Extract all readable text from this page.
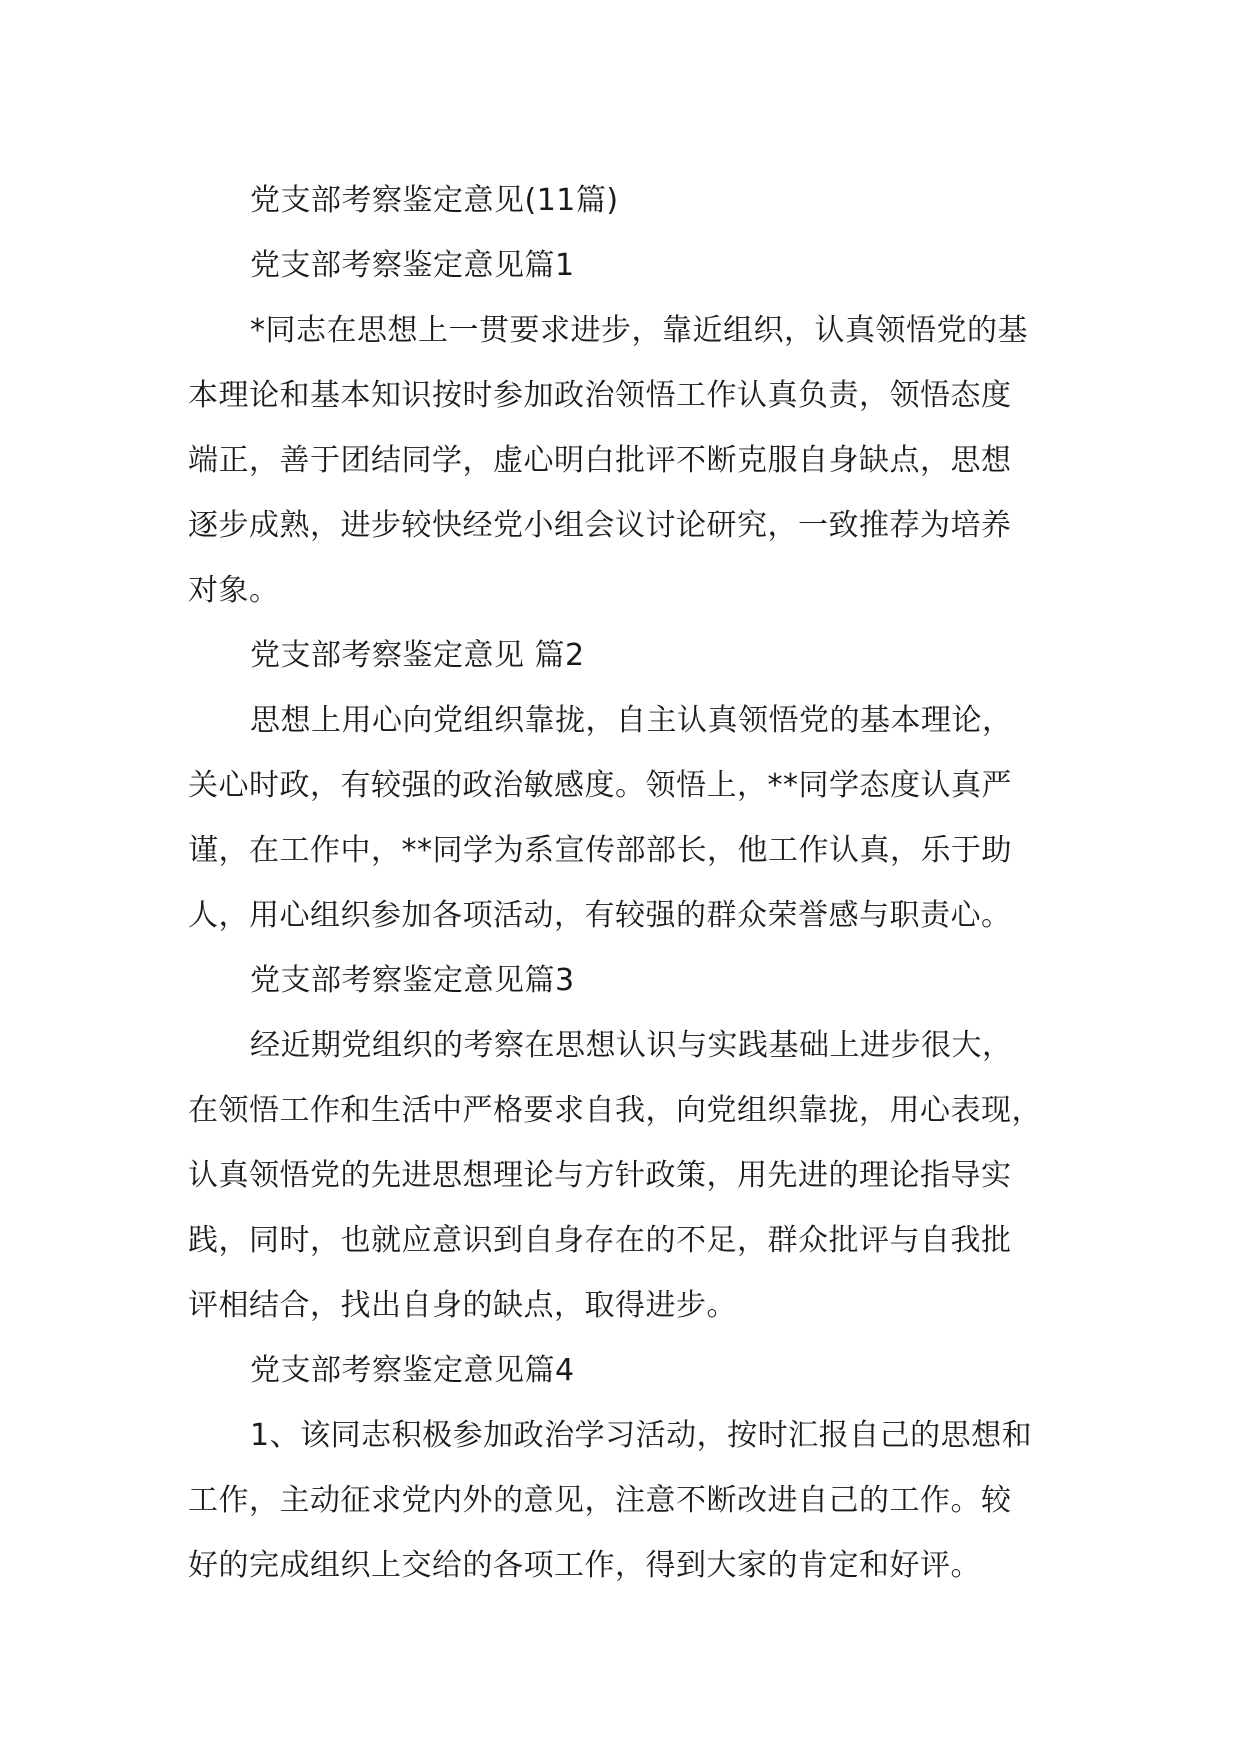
党支部考察鉴定意见(11篇)
党支部考察鉴定意见篇1
*同志在思想上一贯要求进步，靠近组织，认真领悟党的基
本理论和基本知识按时参加政治领悟工作认真负责，领悟态度
端正，善于团结同学，虚心明白批评不断克服自身缺点，思想
逐步成熟，进步较快经党小组会议讨论研究，一致推荐为培养
对象。
党支部考察鉴定意见 篇2
思想上用心向党组织靠拢，自主认真领悟党的基本理论，
关心时政，有较强的政治敏感度。领悟上，**同学态度认真严
谨，在工作中，**同学为系宣传部部长，他工作认真，乐于助
人，用心组织参加各项活动，有较强的群众荣誉感与职责心。
党支部考察鉴定意见篇3
经近期党组织的考察在思想认识与实践基础上进步很大，
在领悟工作和生活中严格要求自我，向党组织靠拢，用心表现，
认真领悟党的先进思想理论与方针政策，用先进的理论指导实
践，同时，也就应意识到自身存在的不足，群众批评与自我批
评相结合，找出自身的缺点，取得进步。
党支部考察鉴定意见篇4
1、该同志积极参加政治学习活动，按时汇报自己的思想和
工作，主动征求党内外的意见，注意不断改进自己的工作。较
好的完成组织上交给的各项工作，得到大家的肯定和好评。
